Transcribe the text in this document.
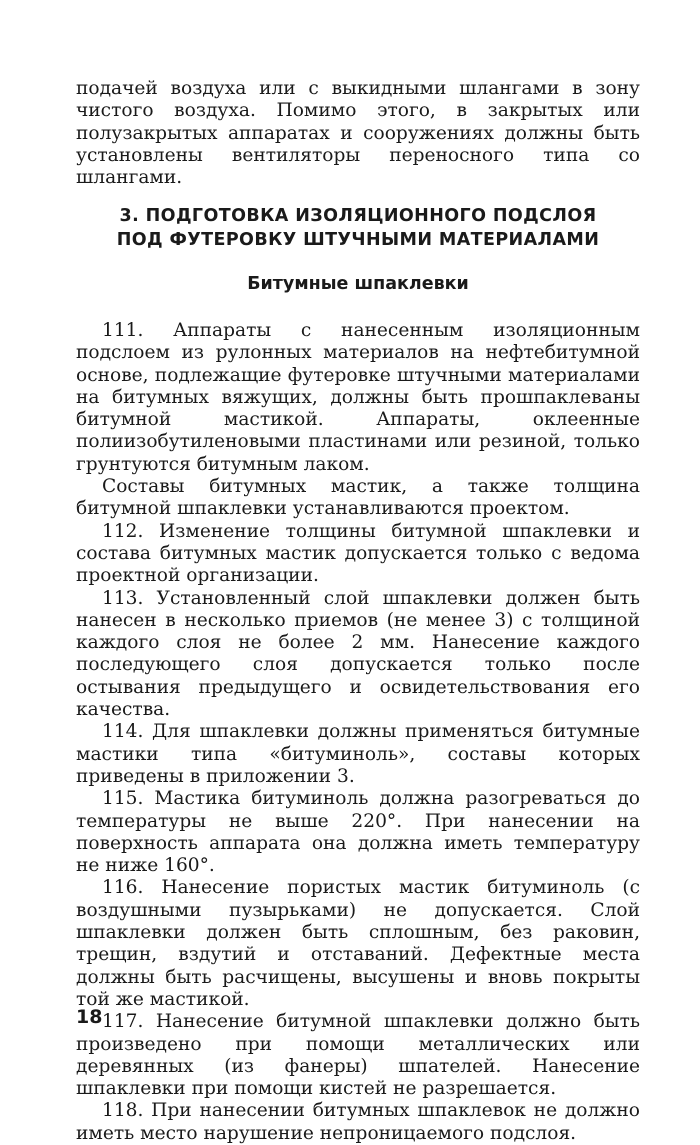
подачей воздуха или с выкидными шлангами в зону чистого воздуха. Помимо этого, в закрытых или полузакрытых аппаратах и сооружениях должны быть установлены вентиляторы переносного типа со шлангами.

3. ПОДГОТОВКА ИЗОЛЯЦИОННОГО ПОДСЛОЯ
ПОД ФУТЕРОВКУ ШТУЧНЫМИ МАТЕРИАЛАМИ
Битумные шпаклевки

111. Аппараты с нанесенным изоляционным подслоем из рулонных материалов на нефтебитумной основе, подлежащие футеровке штучными материалами на битумных вяжущих, должны быть прошпаклеваны битумной мастикой. Аппараты, оклеенные полиизобутиленовыми пластинами или резиной, только грунтуются битумным лаком.

Составы битумных мастик, а также толщина битумной шпаклевки устанавливаются проектом.

112. Изменение толщины битумной шпаклевки и состава битумных мастик допускается только с ведома проектной организации.

113. Установленный слой шпаклевки должен быть нанесен в несколько приемов (не менее 3) с толщиной каждого слоя не более 2 мм. Нанесение каждого последующего слоя допускается только после остывания предыдущего и освидетельствования его качества.

114. Для шпаклевки должны применяться битумные мастики типа «битуминоль», составы которых приведены в приложении 3.

115. Мастика битуминоль должна разогреваться до температуры не выше 220°. При нанесении на поверхность аппарата она должна иметь температуру не ниже 160°.

116. Нанесение пористых мастик битуминоль (с воздушными пузырьками) не допускается. Слой шпаклевки должен быть сплошным, без раковин, трещин, вздутий и отставаний. Дефектные места должны быть расчищены, высушены и вновь покрыты той же мастикой.

117. Нанесение битумной шпаклевки должно быть произведено при помощи металлических или деревянных (из фанеры) шпателей. Нанесение шпаклевки при помощи кистей не разрешается.

118. При нанесении битумных шпаклевок не должно иметь место нарушение непроницаемого подслоя.

18
